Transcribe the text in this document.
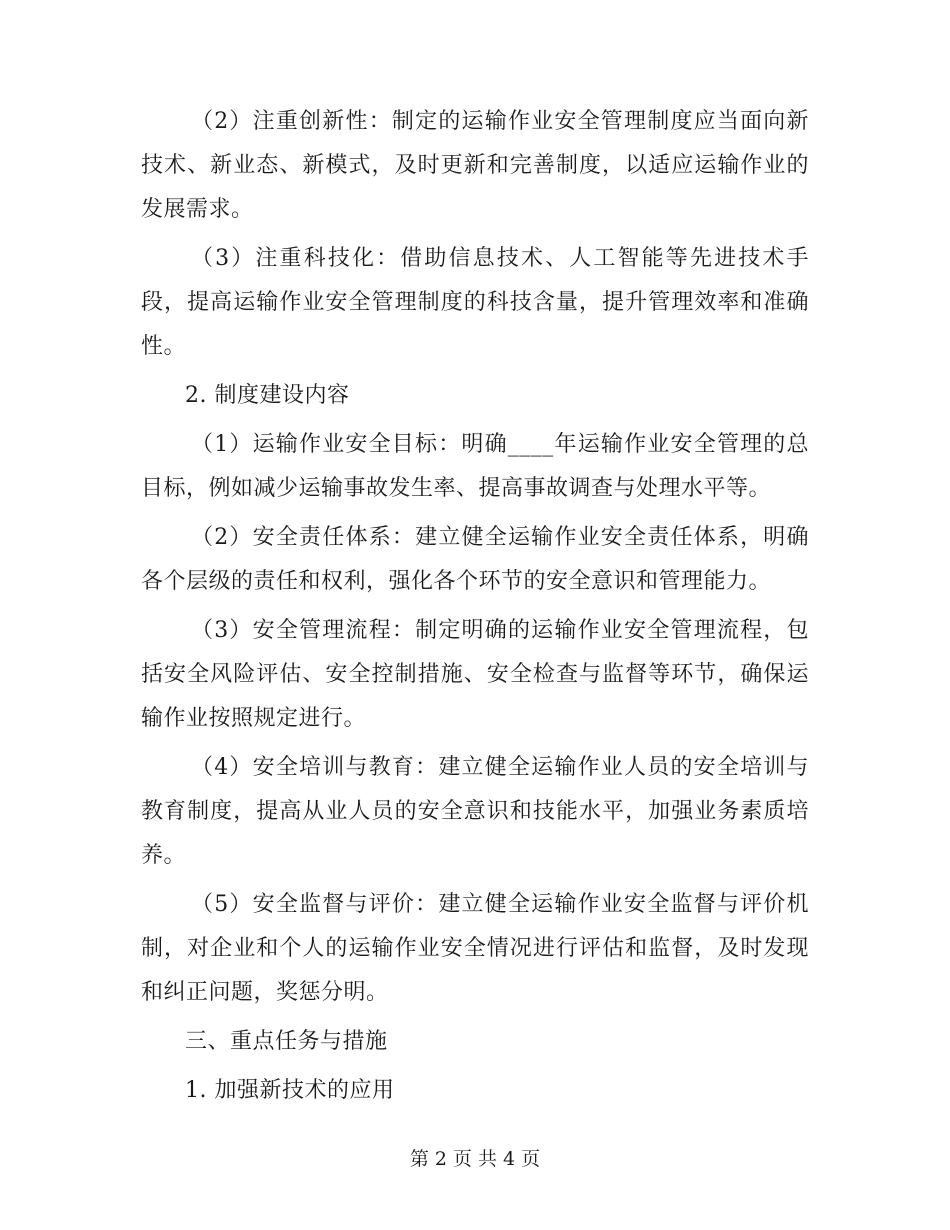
（2）注重创新性：制定的运输作业安全管理制度应当面向新技术、新业态、新模式，及时更新和完善制度，以适应运输作业的发展需求。

（3）注重科技化：借助信息技术、人工智能等先进技术手段，提高运输作业安全管理制度的科技含量，提升管理效率和准确性。

2. 制度建设内容

（1）运输作业安全目标：明确____年运输作业安全管理的总目标，例如减少运输事故发生率、提高事故调查与处理水平等。

（2）安全责任体系：建立健全运输作业安全责任体系，明确各个层级的责任和权利，强化各个环节的安全意识和管理能力。

（3）安全管理流程：制定明确的运输作业安全管理流程，包括安全风险评估、安全控制措施、安全检查与监督等环节，确保运输作业按照规定进行。

（4）安全培训与教育：建立健全运输作业人员的安全培训与教育制度，提高从业人员的安全意识和技能水平，加强业务素质培养。

（5）安全监督与评价：建立健全运输作业安全监督与评价机制，对企业和个人的运输作业安全情况进行评估和监督，及时发现和纠正问题，奖惩分明。

三、重点任务与措施

1. 加强新技术的应用

第 2 页 共 4 页
